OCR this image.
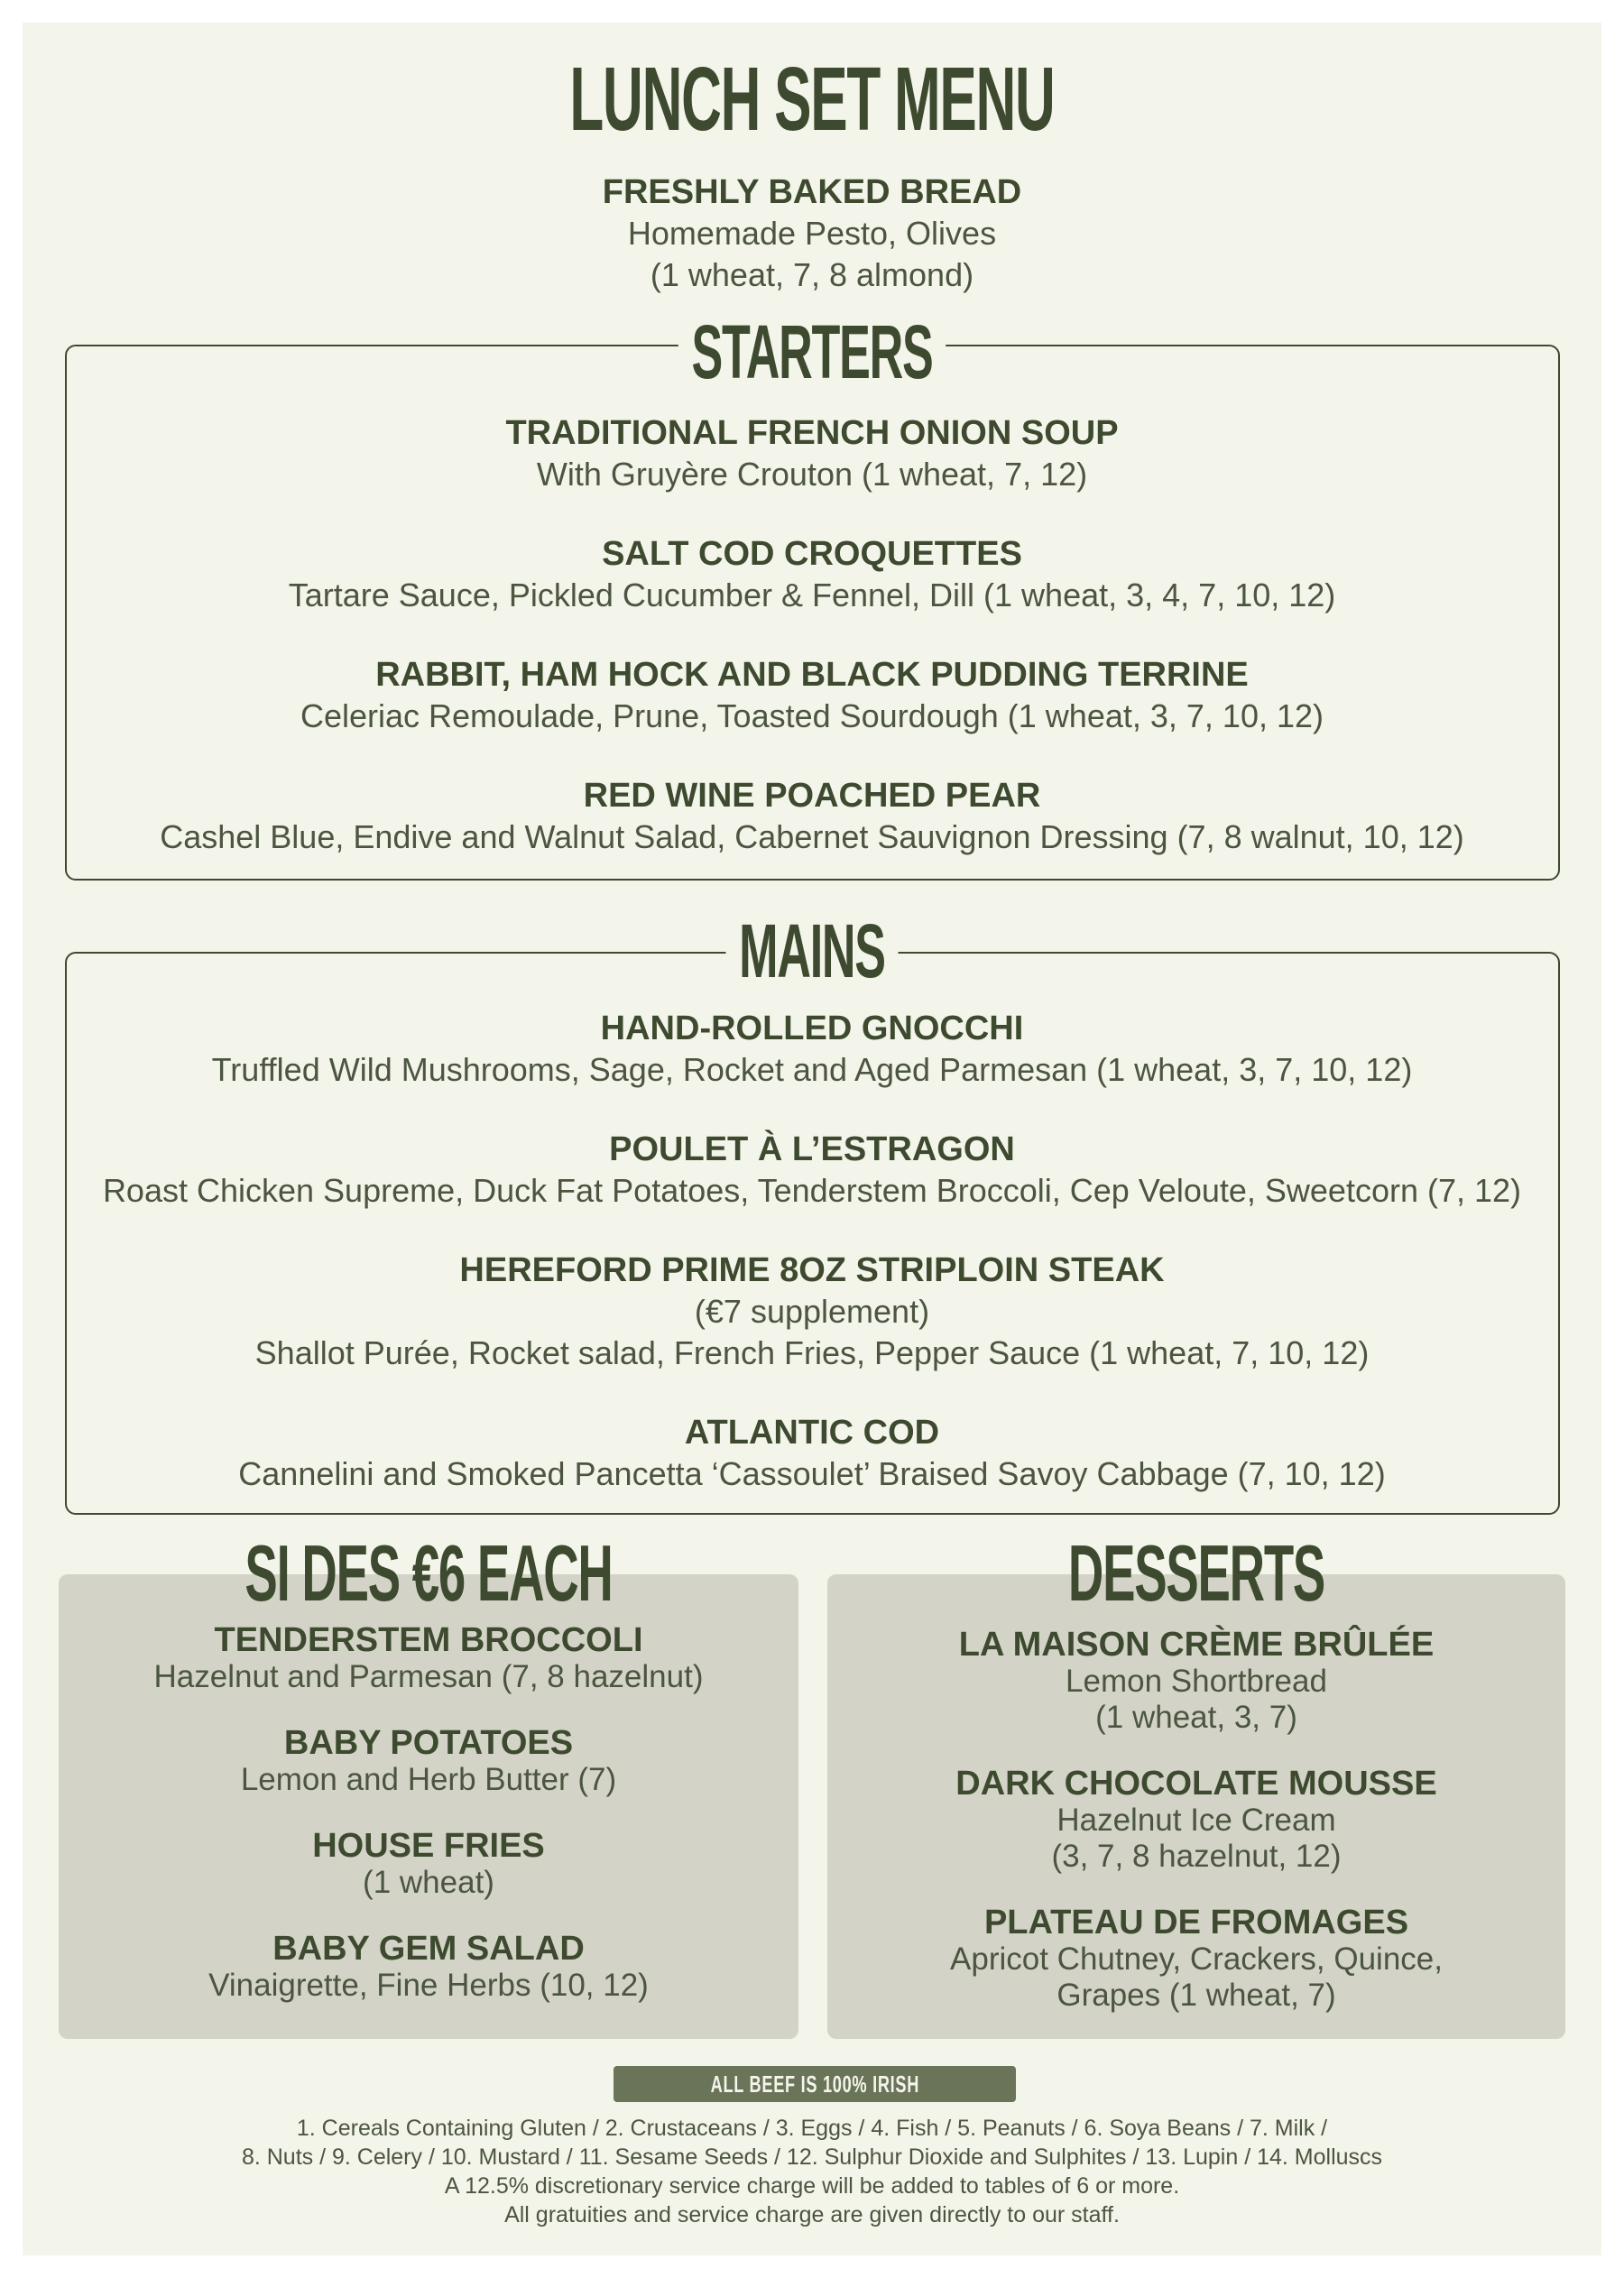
LUNCH SET MENU
FRESHLY BAKED BREAD
Homemade Pesto, Olives
(1 wheat, 7, 8 almond)
STARTERS
TRADITIONAL FRENCH ONION SOUP
With Gruyère Crouton (1 wheat, 7, 12)
SALT COD CROQUETTES
Tartare Sauce, Pickled Cucumber & Fennel, Dill (1 wheat, 3, 4, 7, 10, 12)
RABBIT, HAM HOCK AND BLACK PUDDING TERRINE
Celeriac Remoulade, Prune, Toasted Sourdough (1 wheat, 3, 7, 10, 12)
RED WINE POACHED PEAR
Cashel Blue, Endive and Walnut Salad, Cabernet Sauvignon Dressing (7, 8 walnut, 10, 12)
MAINS
HAND-ROLLED GNOCCHI
Truffled Wild Mushrooms, Sage, Rocket and Aged Parmesan (1 wheat, 3, 7, 10, 12)
POULET À L’ESTRAGON
Roast Chicken Supreme, Duck Fat Potatoes, Tenderstem Broccoli, Cep Veloute, Sweetcorn (7, 12)
HEREFORD PRIME 8OZ STRIPLOIN STEAK
(€7 supplement)
Shallot Purée, Rocket salad, French Fries, Pepper Sauce (1 wheat, 7, 10, 12)
ATLANTIC COD
Cannelini and Smoked Pancetta ‘Cassoulet’ Braised Savoy Cabbage (7, 10, 12)
SI DES €6 EACH
TENDERSTEM BROCCOLI
Hazelnut and Parmesan (7, 8 hazelnut)
BABY POTATOES
Lemon and Herb Butter (7)
HOUSE FRIES
(1 wheat)
BABY GEM SALAD
Vinaigrette, Fine Herbs (10, 12)
DESSERTS
LA MAISON CRÈME BRÛLÉE
Lemon Shortbread
(1 wheat, 3, 7)
DARK CHOCOLATE MOUSSE
Hazelnut Ice Cream
(3, 7, 8 hazelnut, 12)
PLATEAU DE FROMAGES
Apricot Chutney, Crackers, Quince,
Grapes (1 wheat, 7)
ALL BEEF IS 100% IRISH
1. Cereals Containing Gluten / 2. Crustaceans / 3. Eggs / 4. Fish / 5. Peanuts / 6. Soya Beans / 7. Milk /
8. Nuts / 9. Celery / 10. Mustard / 11. Sesame Seeds / 12. Sulphur Dioxide and Sulphites / 13. Lupin / 14. Molluscs
A 12.5% discretionary service charge will be added to tables of 6 or more.
All gratuities and service charge are given directly to our staff.
